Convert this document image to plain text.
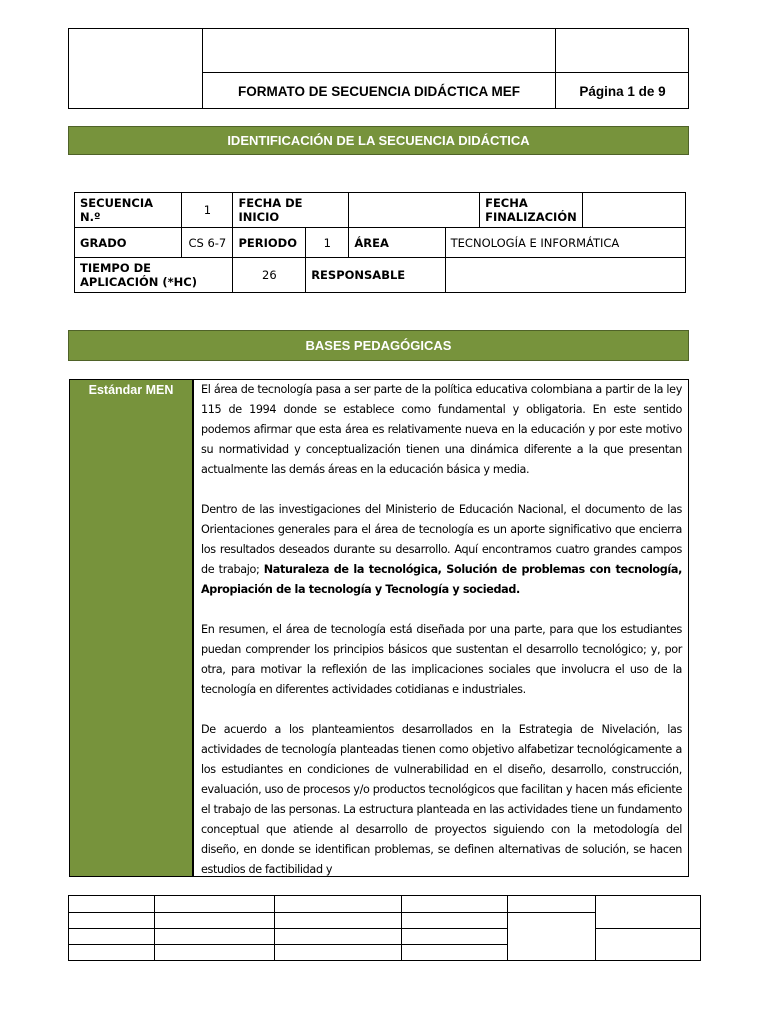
FORMATO DE SECUENCIA DIDÁCTICA MEF	Página 1 de 9
IDENTIFICACIÓN DE LA SECUENCIA DIDÁCTICA
SECUENCIA N.º	1	FECHA DE INICIO				FECHA FINALIZACIÓN	
GRADO	CS 6-7	PERIODO	1	ÁREA	TECNOLOGÍA E INFORMÁTICA		
TIEMPO DE APLICACIÓN (*HC)		26	RESPONSABLE				
BASES PEDAGÓGICAS
Estándar MEN	El área de tecnología pasa a ser parte de la política educativa colombiana a partir de la ley 115 de 1994 donde se establece como fundamental y obligatoria. En este sentido podemos afirmar que esta área es relativamente nueva en la educación y por este motivo su normatividad y conceptualización tienen una dinámica diferente a la que presentan actualmente las demás áreas en la educación básica y media.

Dentro de las investigaciones del Ministerio de Educación Nacional, el documento de las Orientaciones generales para el área de tecnología es un aporte significativo que encierra los resultados deseados durante su desarrollo. Aquí encontramos cuatro grandes campos de trabajo; Naturaleza de la tecnológica, Solución de problemas con tecnología, Apropiación de la tecnología y Tecnología y sociedad.

En resumen, el área de tecnología está diseñada por una parte, para que los estudiantes puedan comprender los principios básicos que sustentan el desarrollo tecnológico; y, por otra, para motivar la reflexión de las implicaciones sociales que involucra el uso de la tecnología en diferentes actividades cotidianas e industriales.

De acuerdo a los planteamientos desarrollados en la Estrategia de Nivelación, las actividades de tecnología planteadas tienen como objetivo alfabetizar tecnológicamente a los estudiantes en condiciones de vulnerabilidad en el diseño, desarrollo, construcción, evaluación, uso de procesos y/o productos tecnológicos que facilitan y hacen más eficiente el trabajo de las personas. La estructura planteada en las actividades tiene un fundamento conceptual que atiende al desarrollo de proyectos siguiendo con la metodología del diseño, en donde se identifican problemas, se definen alternativas de solución, se hacen estudios de factibilidad y
